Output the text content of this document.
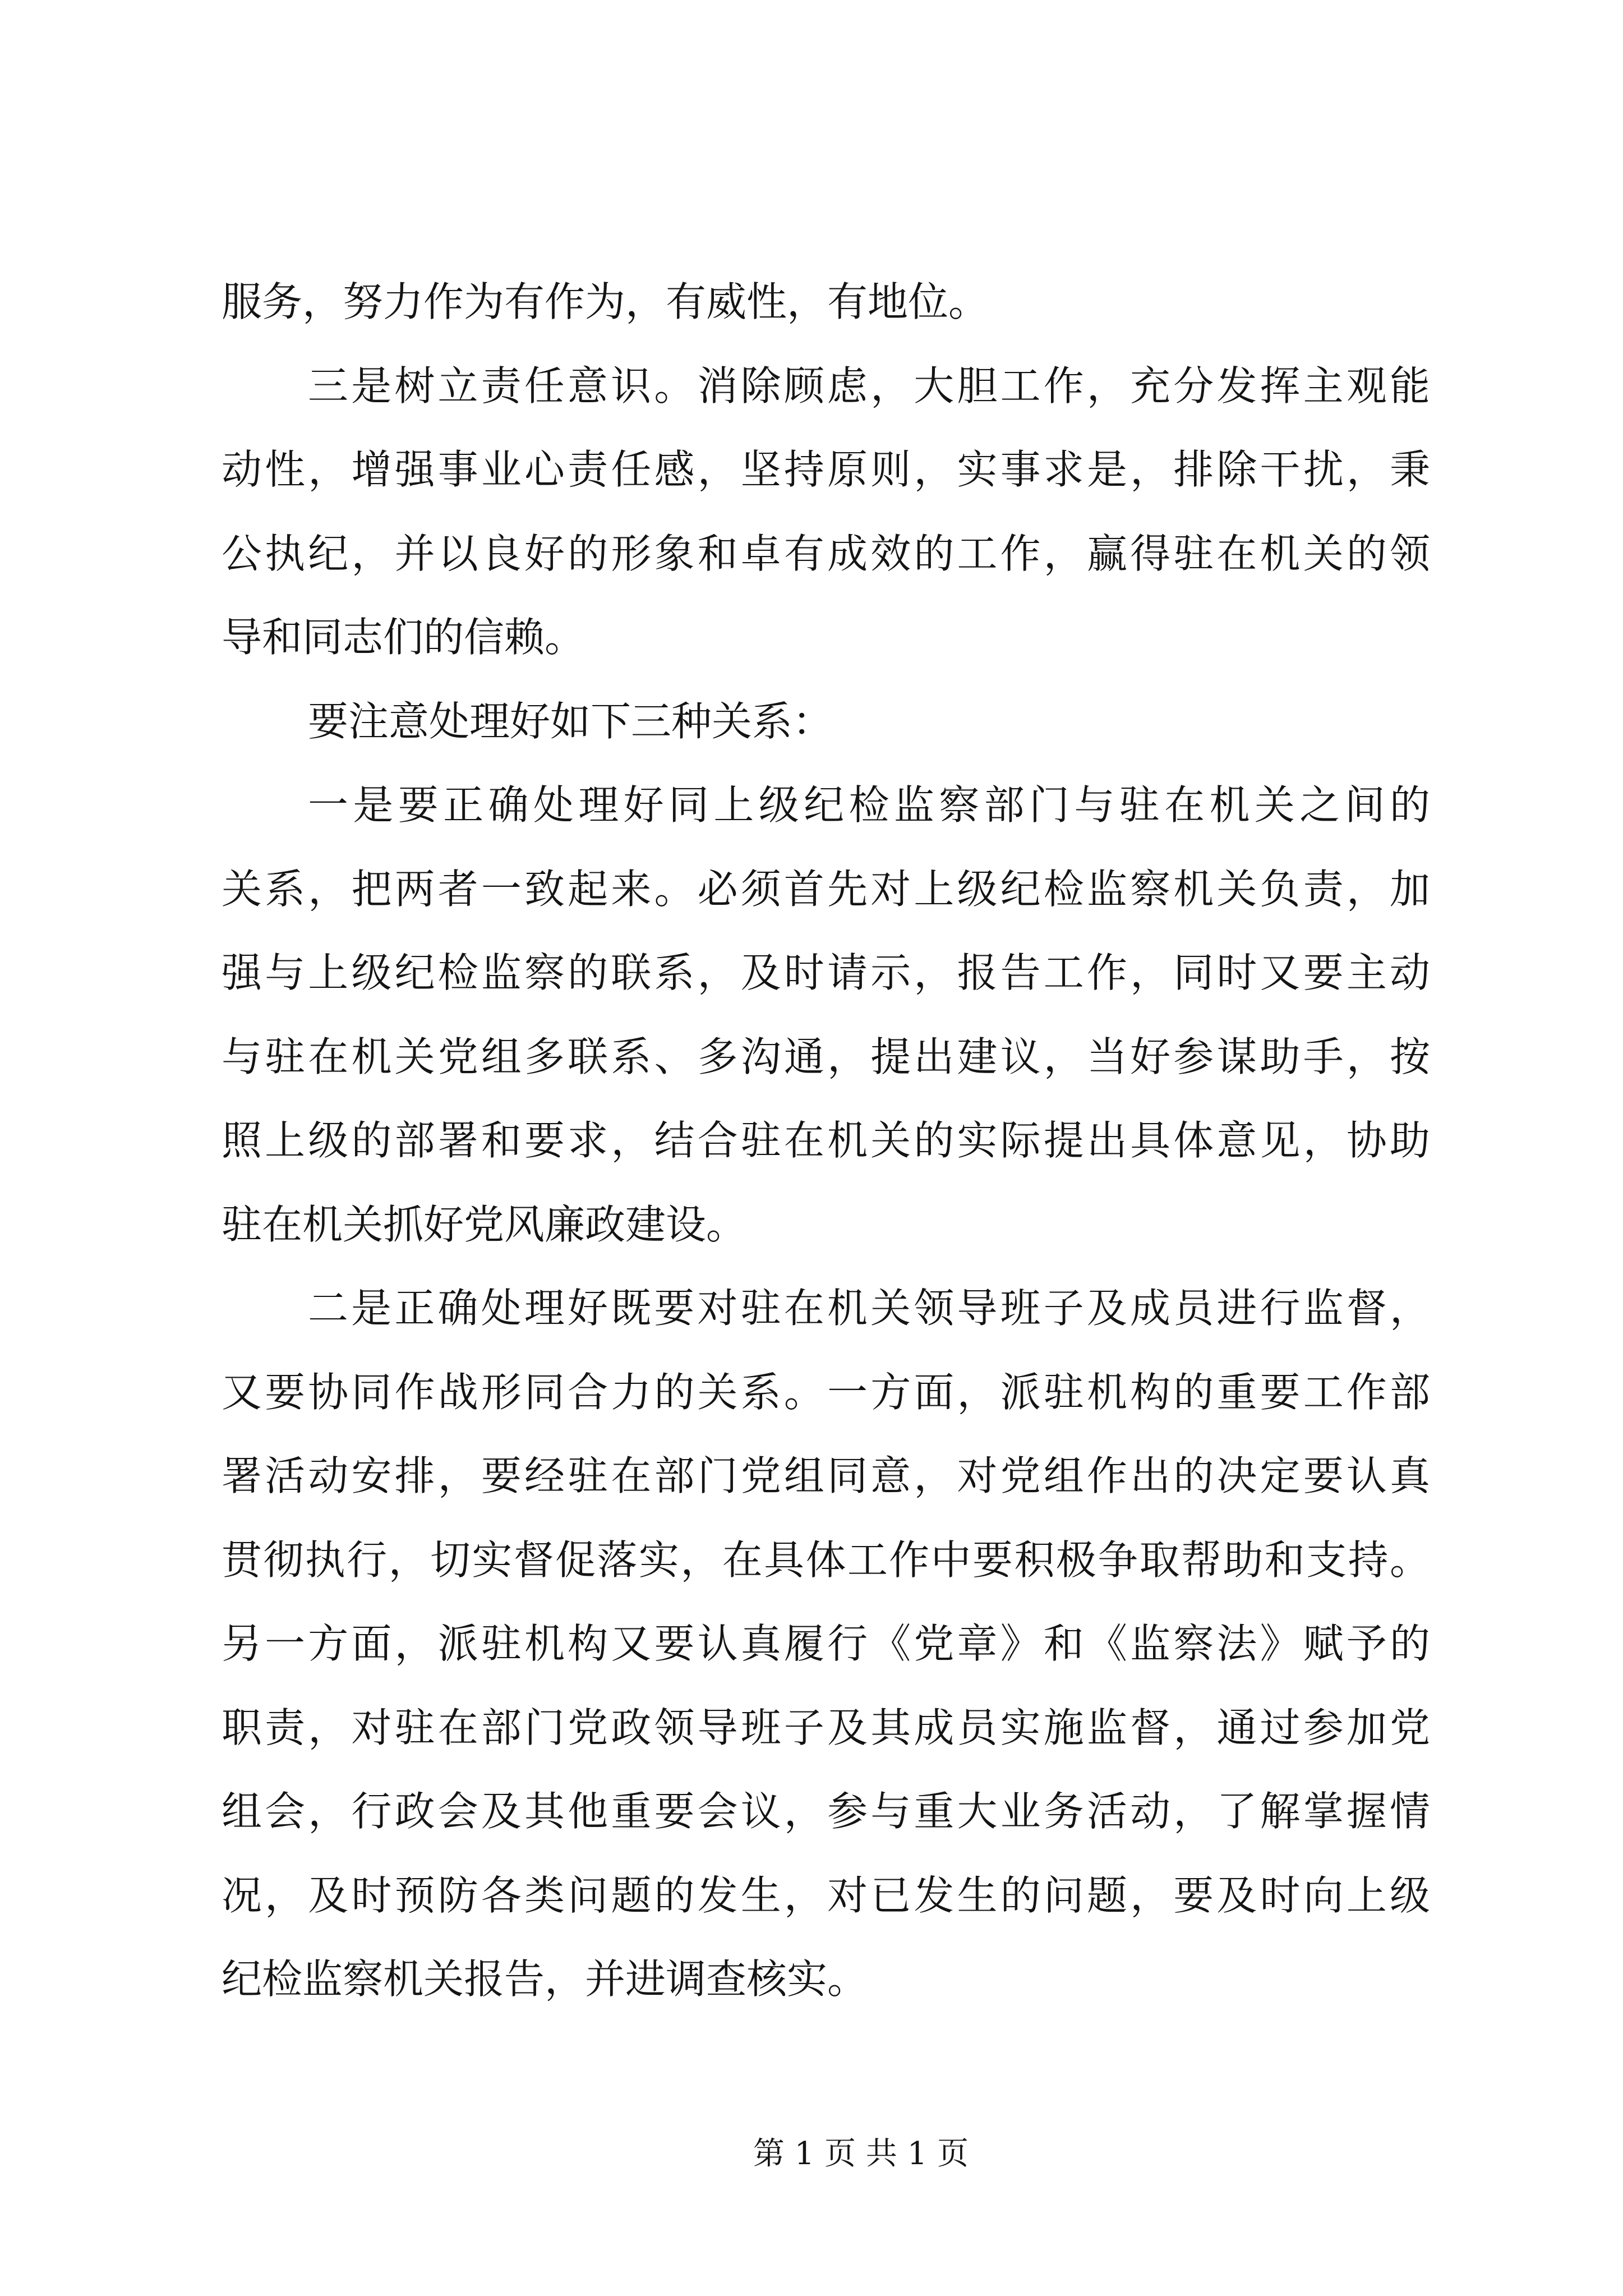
服务，努力作为有作为，有威性，有地位。
三是树立责任意识。消除顾虑，大胆工作，充分发挥主观能
动性，增强事业心责任感，坚持原则，实事求是，排除干扰，秉
公执纪，并以良好的形象和卓有成效的工作，赢得驻在机关的领
导和同志们的信赖。
要注意处理好如下三种关系：
一是要正确处理好同上级纪检监察部门与驻在机关之间的
关系，把两者一致起来。必须首先对上级纪检监察机关负责，加
强与上级纪检监察的联系，及时请示，报告工作，同时又要主动
与驻在机关党组多联系、多沟通，提出建议，当好参谋助手，按
照上级的部署和要求，结合驻在机关的实际提出具体意见，协助
驻在机关抓好党风廉政建设。
二是正确处理好既要对驻在机关领导班子及成员进行监督，
又要协同作战形同合力的关系。一方面，派驻机构的重要工作部
署活动安排，要经驻在部门党组同意，对党组作出的决定要认真
贯彻执行，切实督促落实，在具体工作中要积极争取帮助和支持。
另一方面，派驻机构又要认真履行《党章》和《监察法》赋予的
职责，对驻在部门党政领导班子及其成员实施监督，通过参加党
组会，行政会及其他重要会议，参与重大业务活动，了解掌握情
况，及时预防各类问题的发生，对已发生的问题，要及时向上级
纪检监察机关报告，并进调查核实。
第 1 页 共 1 页
